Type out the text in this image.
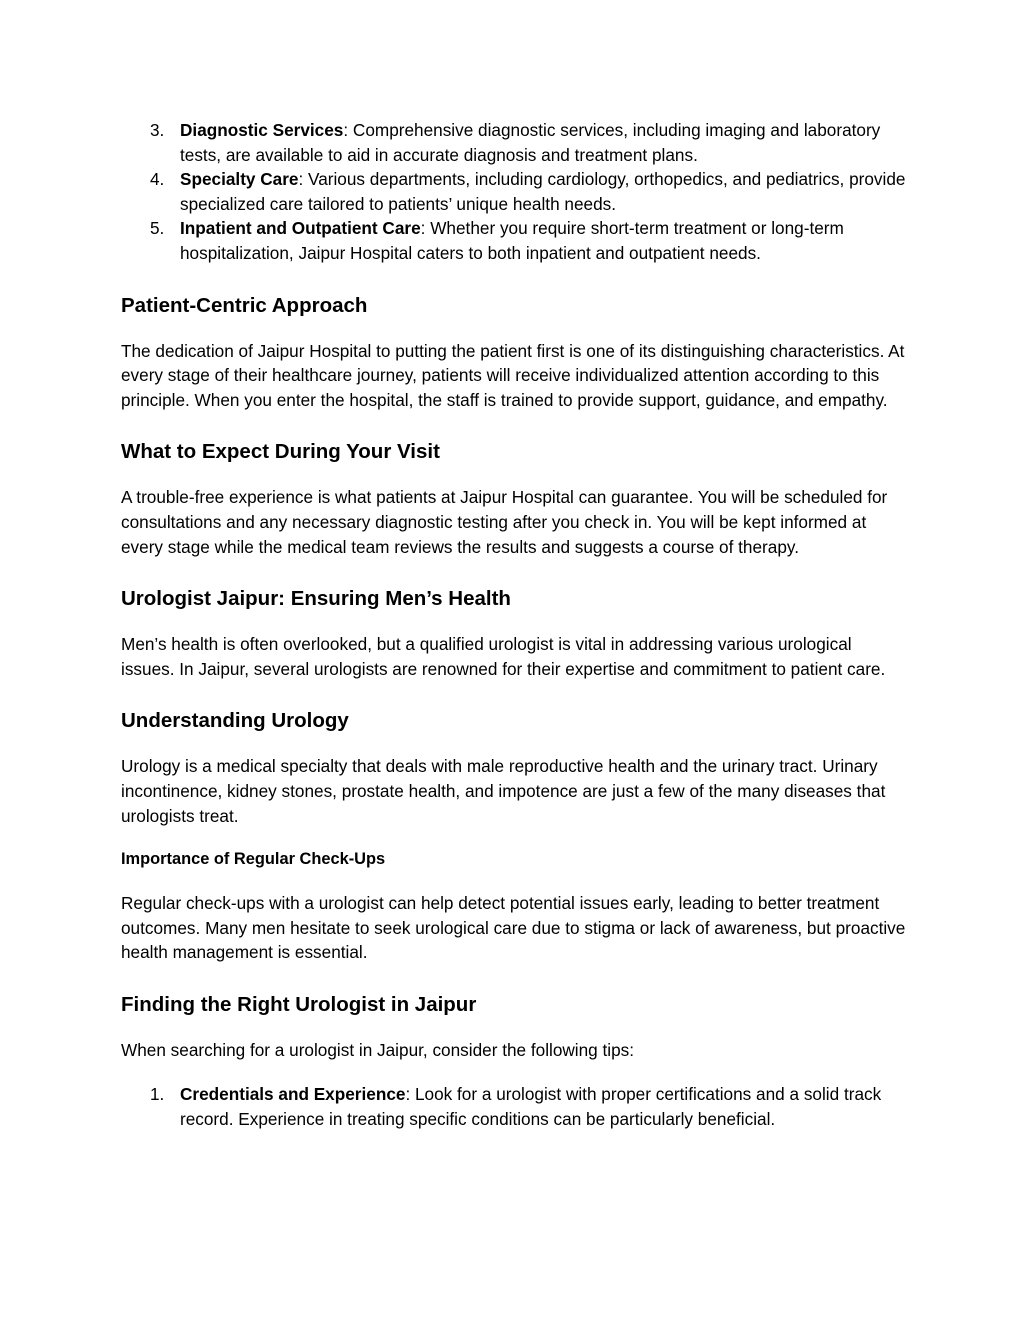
3. Diagnostic Services: Comprehensive diagnostic services, including imaging and laboratory tests, are available to aid in accurate diagnosis and treatment plans.
4. Specialty Care: Various departments, including cardiology, orthopedics, and pediatrics, provide specialized care tailored to patients’ unique health needs.
5. Inpatient and Outpatient Care: Whether you require short-term treatment or long-term hospitalization, Jaipur Hospital caters to both inpatient and outpatient needs.
Patient-Centric Approach

The dedication of Jaipur Hospital to putting the patient first is one of its distinguishing characteristics. At every stage of their healthcare journey, patients will receive individualized attention according to this principle. When you enter the hospital, the staff is trained to provide support, guidance, and empathy.

What to Expect During Your Visit

A trouble-free experience is what patients at Jaipur Hospital can guarantee. You will be scheduled for consultations and any necessary diagnostic testing after you check in. You will be kept informed at every stage while the medical team reviews the results and suggests a course of therapy.

Urologist Jaipur: Ensuring Men’s Health

Men’s health is often overlooked, but a qualified urologist is vital in addressing various urological issues. In Jaipur, several urologists are renowned for their expertise and commitment to patient care.

Understanding Urology

Urology is a medical specialty that deals with male reproductive health and the urinary tract. Urinary incontinence, kidney stones, prostate health, and impotence are just a few of the many diseases that urologists treat.

Importance of Regular Check-Ups

Regular check-ups with a urologist can help detect potential issues early, leading to better treatment outcomes. Many men hesitate to seek urological care due to stigma or lack of awareness, but proactive health management is essential.

Finding the Right Urologist in Jaipur

When searching for a urologist in Jaipur, consider the following tips:

1. Credentials and Experience: Look for a urologist with proper certifications and a solid track record. Experience in treating specific conditions can be particularly beneficial.
